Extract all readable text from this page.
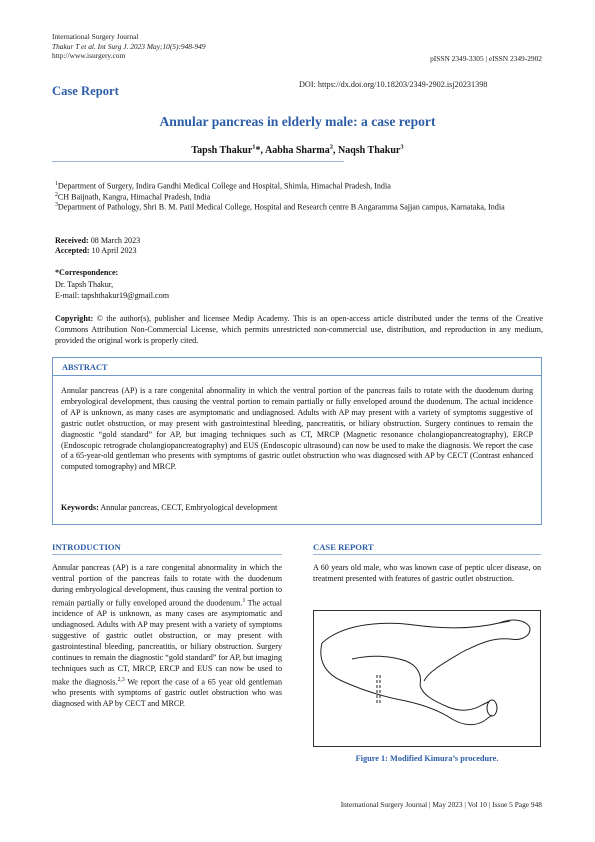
International Surgery Journal
Thakur T et al. Int Surg J. 2023 May;10(5):948-949
http://www.isurgery.com	pISSN 2349-3305 | eISSN 2349-2902
Case Report	DOI: https://dx.doi.org/10.18203/2349-2902.isj20231398
Annular pancreas in elderly male: a case report
Tapsh Thakur$^1$*, Aabha Sharma$^2$, Naqsh Thakur$^3$
$^1$Department of Surgery, Indira Gandhi Medical College and Hospital, Shimla, Himachal Pradesh, India
$^2$CH Baijnath, Kangra, Himachal Pradesh, India
$^3$Department of Pathology, Shri B. M. Patil Medical College, Hospital and Research centre B Angaramma Sajjan campus, Karnataka, India
Received: 08 March 2023
Accepted: 10 April 2023
*Correspondence:
Dr. Tapsh Thakur,
E-mail: tapshthakur19@gmail.com
Copyright: © the author(s), publisher and licensee Medip Academy. This is an open-access article distributed under the terms of the Creative Commons Attribution Non-Commercial License, which permits unrestricted non-commercial use, distribution, and reproduction in any medium, provided the original work is properly cited.
ABSTRACT
Annular pancreas (AP) is a rare congenital abnormality in which the ventral portion of the pancreas fails to rotate with the duodenum during embryological development, thus causing the ventral portion to remain partially or fully enveloped around the duodenum. The actual incidence of AP is unknown, as many cases are asymptomatic and undiagnosed. Adults with AP may present with a variety of symptoms suggestive of gastric outlet obstruction, or may present with gastrointestinal bleeding, pancreatitis, or biliary obstruction. Surgery continues to remain the diagnostic “gold standard” for AP, but imaging techniques such as CT, MRCP (Magnetic resonance cholangiopancreatography), ERCP (Endoscopic retrograde cholangiopancreatography) and EUS (Endoscopic ultrasound) can now be used to make the diagnosis. We report the case of a 65-year-old gentleman who presents with symptoms of gastric outlet obstruction who was diagnosed with AP by CECT (Contrast enhanced computed tomography) and MRCP.
Keywords: Annular pancreas, CECT, Embryological development
INTRODUCTION
Annular pancreas (AP) is a rare congenital abnormality in which the ventral portion of the pancreas fails to rotate with the duodenum during embryological development, thus causing the ventral portion to remain partially or fully enveloped around the duodenum.$^1$ The actual incidence of AP is unknown, as many cases are asymptomatic and undiagnosed. Adults with AP may present with a variety of symptoms suggestive of gastric outlet obstruction, or may present with gastrointestinal bleeding, pancreatitis, or biliary obstruction. Surgery continues to remain the diagnostic “gold standard” for AP, but imaging techniques such as CT, MRCP, ERCP and EUS can now be used to make the diagnosis.$^{2,3}$ We report the case of a 65 year old gentleman who presents with symptoms of gastric outlet obstruction who was diagnosed with AP by CECT and MRCP.
CASE REPORT
A 60 years old male, who was known case of peptic ulcer disease, on treatment presented with features of gastric outlet obstruction.
Figure 1: Modified Kimura’s procedure.
International Surgery Journal | May 2023 | Vol 10 | Issue 5 Page 948
